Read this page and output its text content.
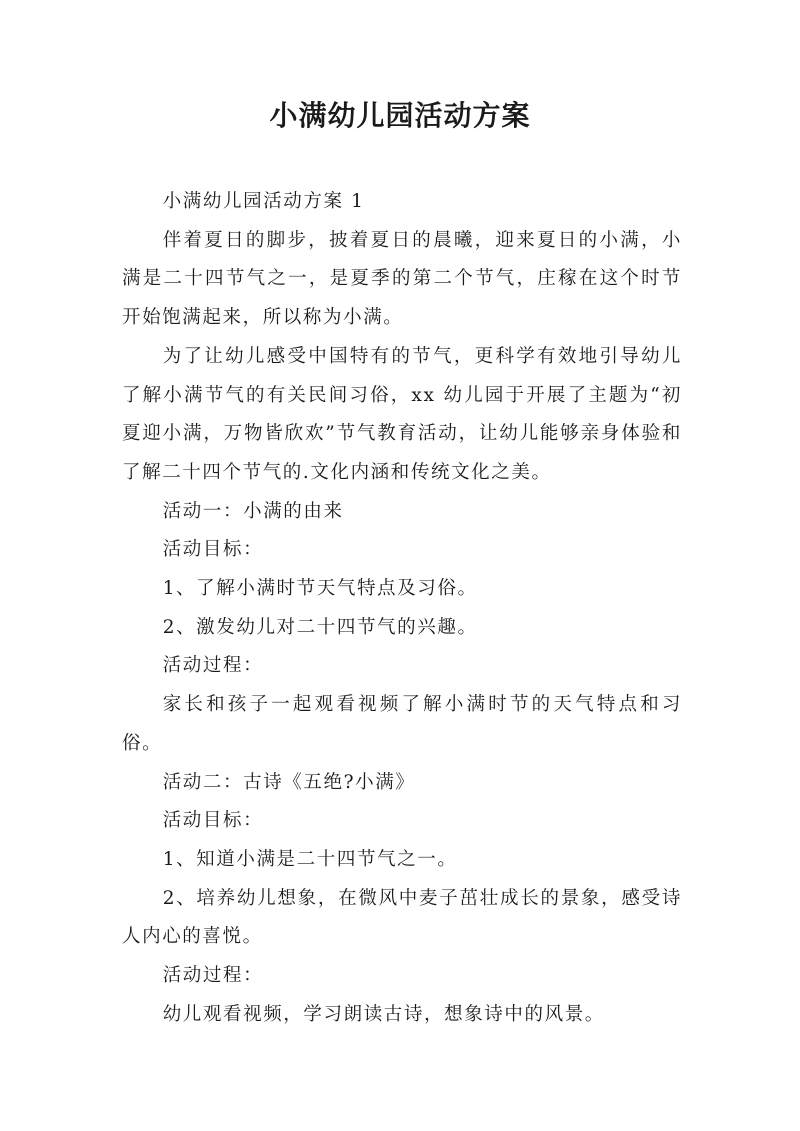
小满幼儿园活动方案

小满幼儿园活动方案 1

伴着夏日的脚步，披着夏日的晨曦，迎来夏日的小满，小满是二十四节气之一，是夏季的第二个节气，庄稼在这个时节开始饱满起来，所以称为小满。

为了让幼儿感受中国特有的节气，更科学有效地引导幼儿了解小满节气的有关民间习俗，xx 幼儿园于开展了主题为“初夏迎小满，万物皆欣欢”节气教育活动，让幼儿能够亲身体验和了解二十四个节气的.文化内涵和传统文化之美。

活动一：小满的由来

活动目标：

1、了解小满时节天气特点及习俗。

2、激发幼儿对二十四节气的兴趣。

活动过程：

家长和孩子一起观看视频了解小满时节的天气特点和习俗。

活动二：古诗《五绝?小满》

活动目标：

1、知道小满是二十四节气之一。

2、培养幼儿想象，在微风中麦子茁壮成长的景象，感受诗人内心的喜悦。

活动过程：

幼儿观看视频，学习朗读古诗，想象诗中的风景。
